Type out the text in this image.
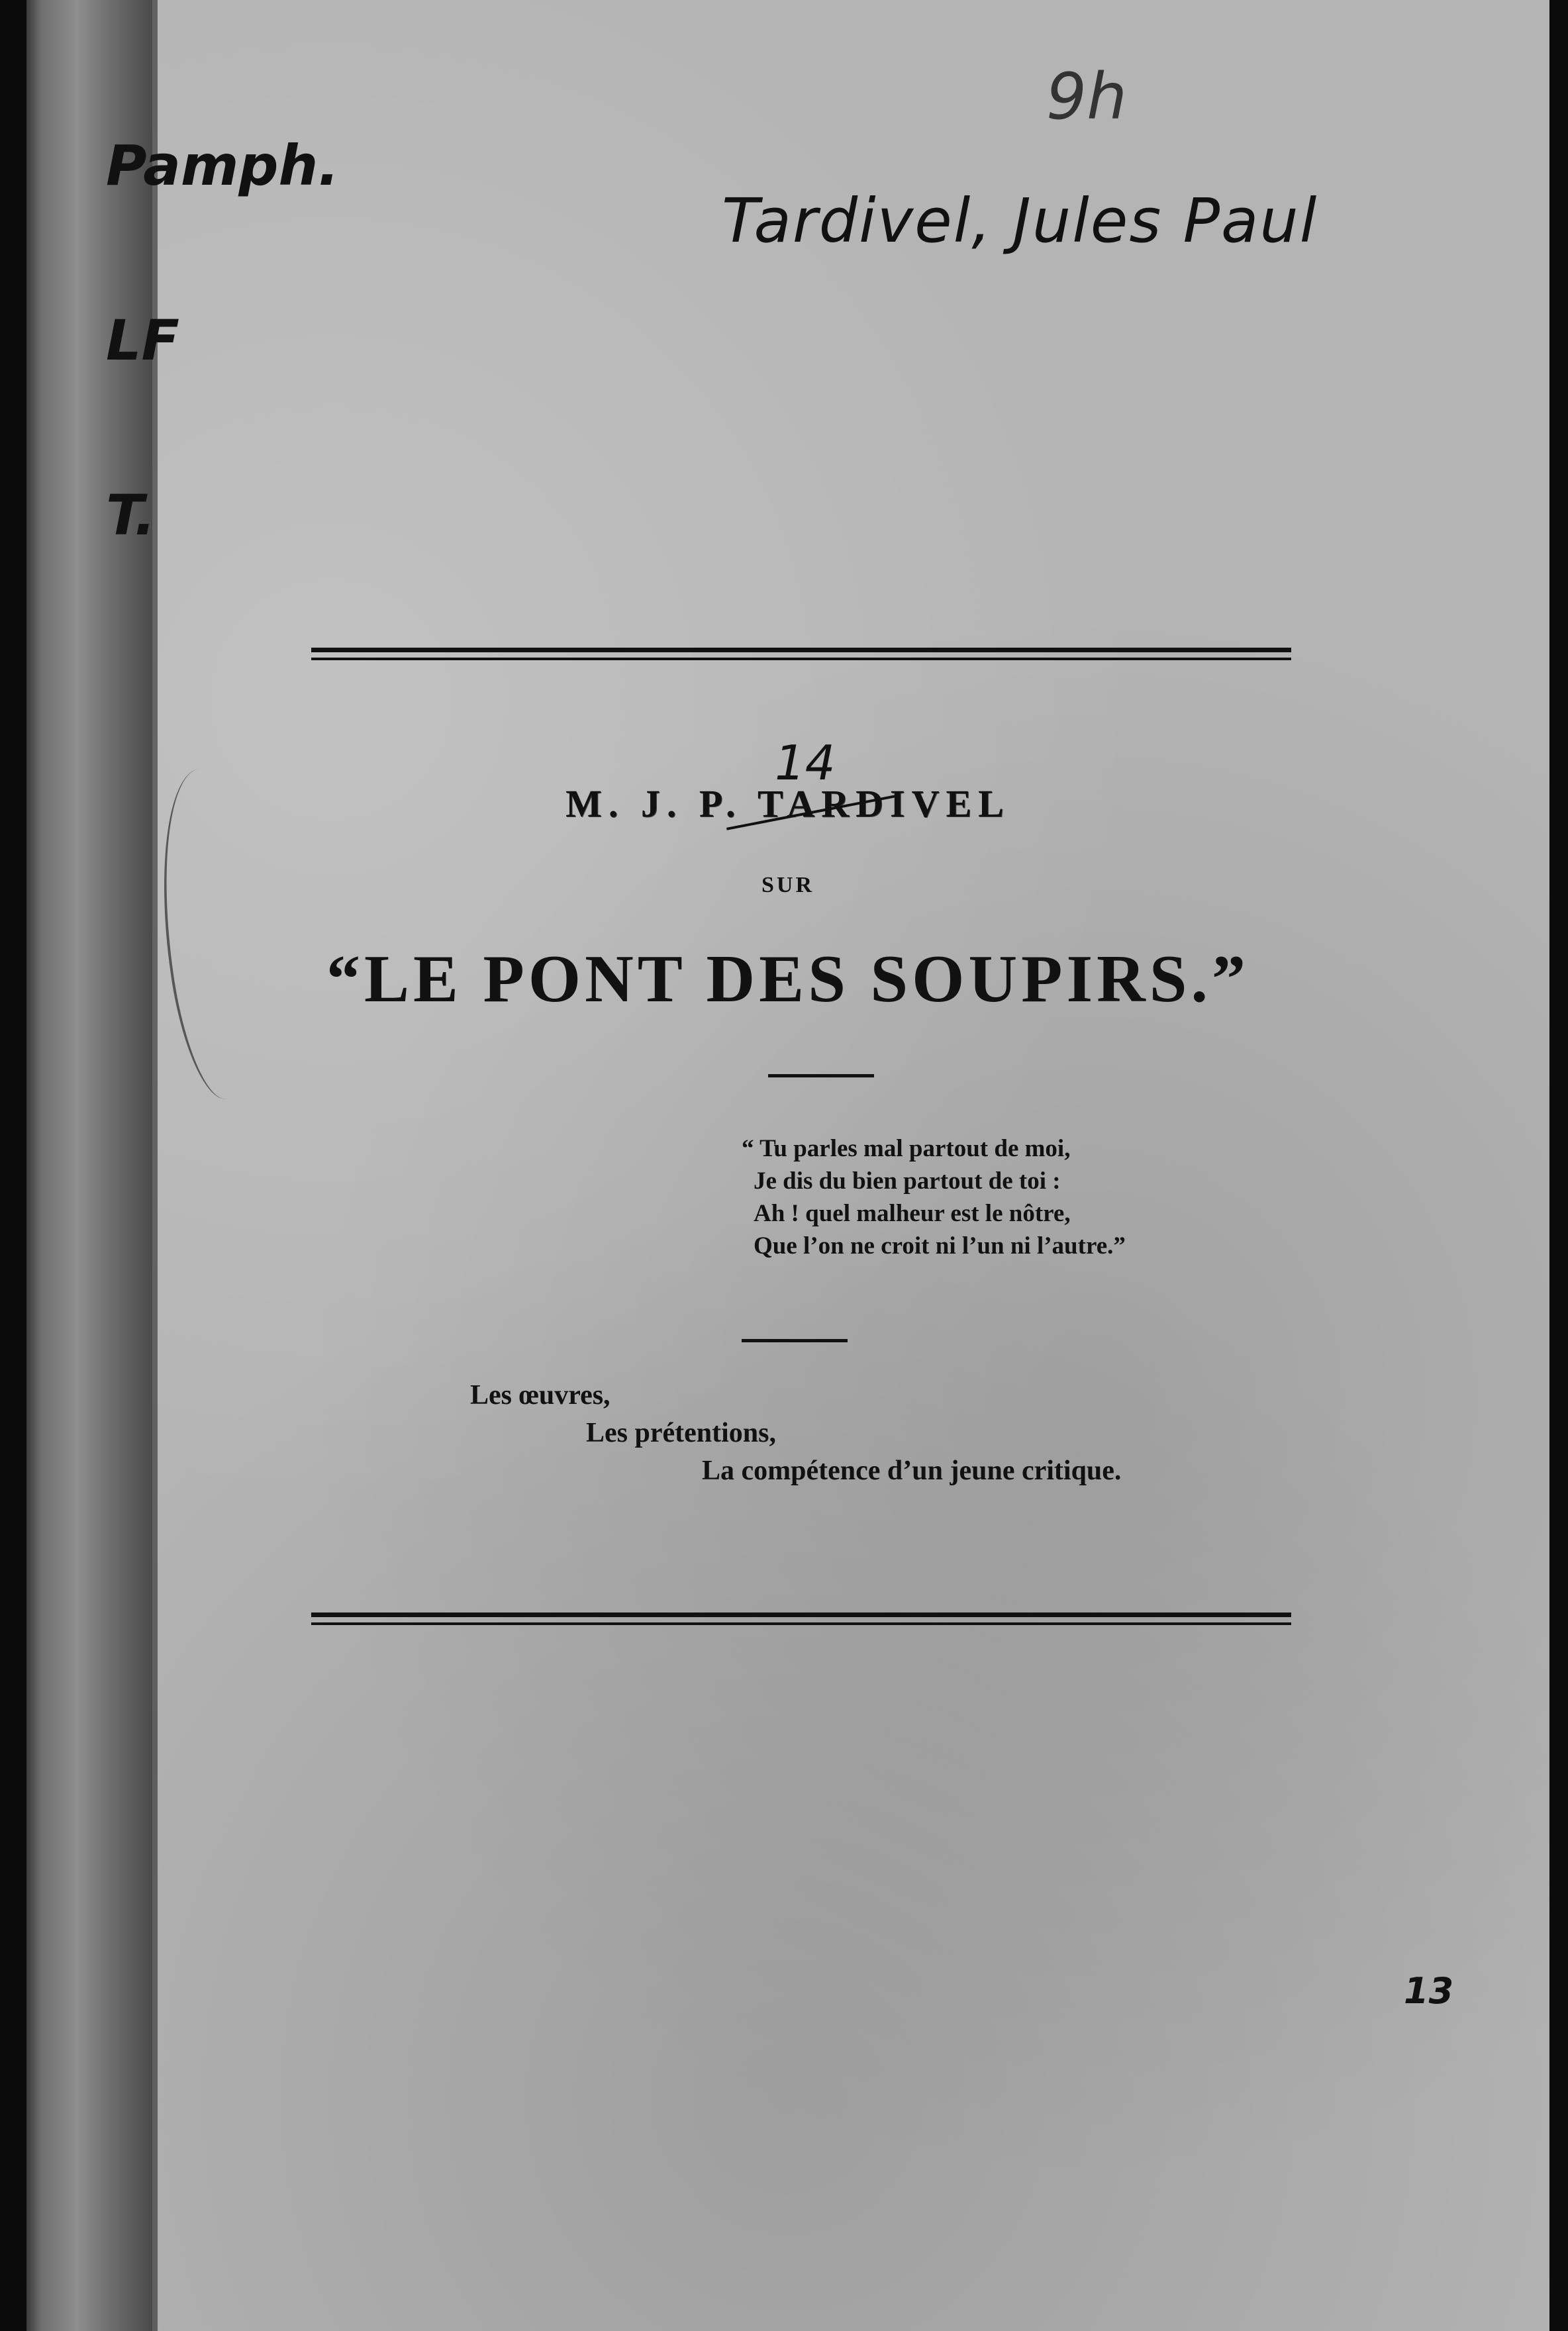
Pamph.

LF

T.

9h
Tardivel, Jules Paul
14
M. J. P. TARDIVEL
SUR
“LE PONT DES SOUPIRS.”
“ Tu parles mal partout de moi,
Je dis du bien partout de toi :
Ah ! quel malheur est le nôtre,
Que l’on ne croit ni l’un ni l’autre.”
Les œuvres,
Les prétentions,
La compétence d’un jeune critique.
13
